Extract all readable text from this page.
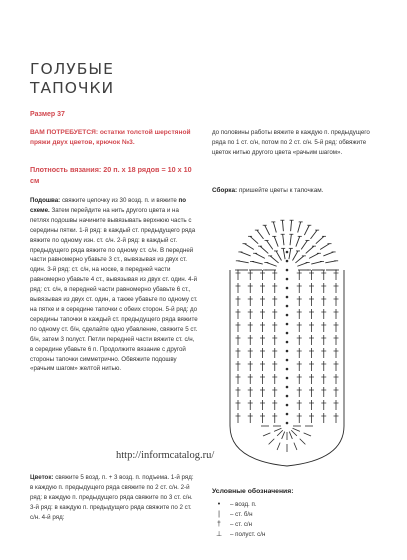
ГОЛУБЫЕ
ТАПОЧКИ
Размер 37
ВАМ ПОТРЕБУЕТСЯ: остатки толстой шерстяной пряжи двух цветов, крючок №3.
Плотность вязания: 20 п. х 18 рядов = 10 х 10 см
Подошва: свяжите цепочку из 30 возд. п. и вяжите по схеме. Затем перейдите на нить другого цвета и на петлях подошвы начините вывязывать верхнюю часть с середины пятки. 1-й ряд: в каждый ст. предыдущего ряда вяжите по одному изн. ст. с/н. 2-й ряд: в каждый ст. предыдущего ряда вяжите по одному ст. с/н. В передней части равномерно убавьте 3 ст., вывязывая из двух ст. один. 3-й ряд: ст. с/н, на носке, в передней части равномерно убавьте 4 ст., вывязывая из двух ст. один. 4-й ряд: ст. с/н, в передней части равномерно убавьте 6 ст., вывязывая из двух ст. один, а также убавьте по одному ст. на пятке и в середине тапочки с обеих сторон. 5-й ряд: до середины тапочки в каждый ст. предыдущего ряда вяжите по одному ст. б/н, сделайте одно убавление, свяжите 5 ст. б/н, затем 3 полуст. Петли передней части вяжите ст. с/н, в середине убавьте 6 п. Продолжите вязание с другой стороны тапочки симметрично. Обвяжите подошву «рачьим шагом» желтой нитью.
http://informcatalog.ru/
Цветок: свяжите 5 возд. п. + 3 возд. п. подъема. 1-й ряд: в каждую п. предыдущего ряда свяжите по 2 ст. с/н. 2-й ряд: в каждую п. предыдущего ряда свяжите по 3 ст. с/н. 3-й ряд: в каждую п. предыдущего ряда свяжите по 2 ст. с/н. 4-й ряд:
до половины работы вяжите в каждую п. предыдущего ряда по 1 ст. с/н, потом по 2 ст. с/н. 5-й ряд: обвяжите цветок нитью другого цвета «рачьим шагом».
Сборка: пришейте цветы к тапочкам.
Условные обозначения:
•	– возд. п.
|	– ст. б/н
†	– ст. с/н
⊥	– полуст. с/н
